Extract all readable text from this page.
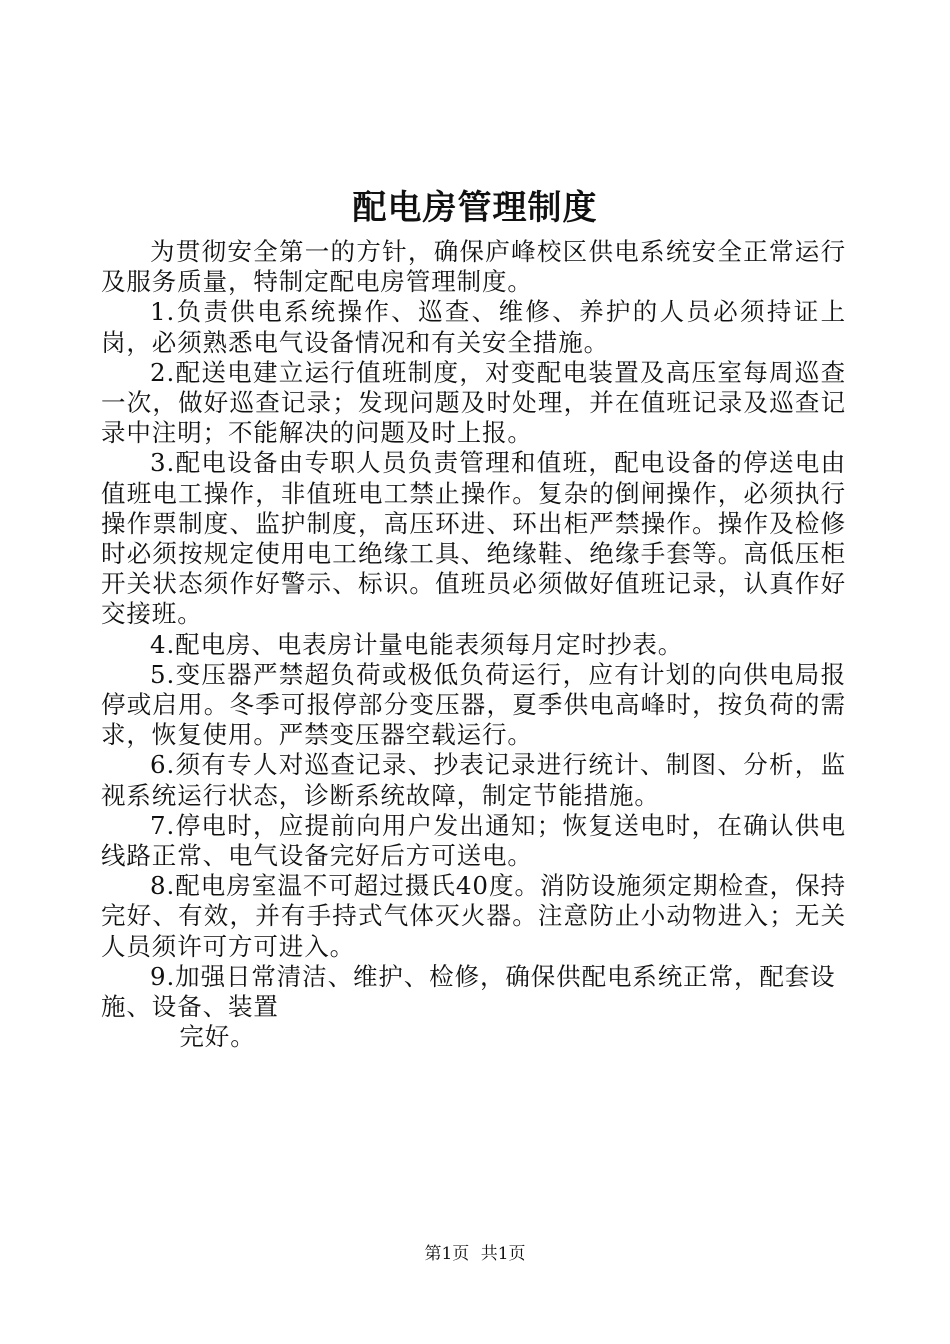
配电房管理制度

为贯彻安全第一的方针，确保庐峰校区供电系统安全正常运行及服务质量，特制定配电房管理制度。

1.负责供电系统操作、巡查、维修、养护的人员必须持证上岗，必须熟悉电气设备情况和有关安全措施。

2.配送电建立运行值班制度，对变配电装置及高压室每周巡查一次，做好巡查记录；发现问题及时处理，并在值班记录及巡查记录中注明；不能解决的问题及时上报。

3.配电设备由专职人员负责管理和值班，配电设备的停送电由值班电工操作，非值班电工禁止操作。复杂的倒闸操作，必须执行操作票制度、监护制度，高压环进、环出柜严禁操作。操作及检修时必须按规定使用电工绝缘工具、绝缘鞋、绝缘手套等。高低压柜开关状态须作好警示、标识。值班员必须做好值班记录，认真作好交接班。

4.配电房、电表房计量电能表须每月定时抄表。

5.变压器严禁超负荷或极低负荷运行，应有计划的向供电局报停或启用。冬季可报停部分变压器，夏季供电高峰时，按负荷的需求，恢复使用。严禁变压器空载运行。

6.须有专人对巡查记录、抄表记录进行统计、制图、分析，监视系统运行状态，诊断系统故障，制定节能措施。

7.停电时，应提前向用户发出通知；恢复送电时，在确认供电线路正常、电气设备完好后方可送电。

8.配电房室温不可超过摄氏40度。消防设施须定期检查，保持完好、有效，并有手持式气体灭火器。注意防止小动物进入；无关人员须许可方可进入。

9.加强日常清洁、维护、检修，确保供配电系统正常，配套设施、设备、装置

完好。

第1页 共1页
